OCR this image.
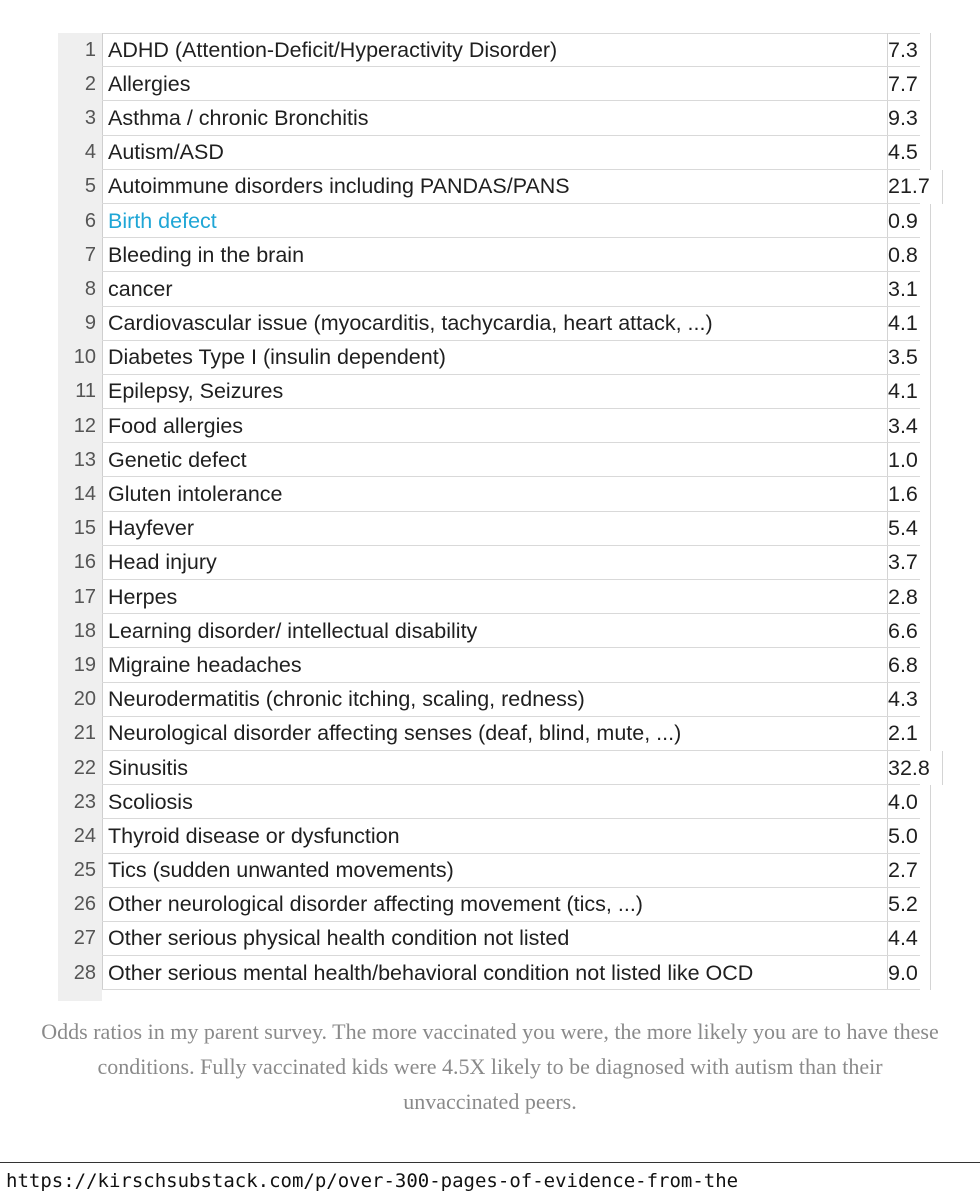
1 ADHD (Attention-Deficit/Hyperactivity Disorder)	7.3
2 Allergies	7.7
3 Asthma / chronic Bronchitis	9.3
4 Autism/ASD	4.5
5 Autoimmune disorders including PANDAS/PANS	21.7
6 Birth defect	0.9
7 Bleeding in the brain	0.8
8 cancer	3.1
9 Cardiovascular issue (myocarditis, tachycardia, heart attack, ...)	4.1
10 Diabetes Type I (insulin dependent)	3.5
11 Epilepsy, Seizures	4.1
12 Food allergies	3.4
13 Genetic defect	1.0
14 Gluten intolerance	1.6
15 Hayfever	5.4
16 Head injury	3.7
17 Herpes	2.8
18 Learning disorder/ intellectual disability	6.6
19 Migraine headaches	6.8
20 Neurodermatitis (chronic itching, scaling, redness)	4.3
21 Neurological disorder affecting senses (deaf, blind, mute, ...)	2.1
22 Sinusitis	32.8
23 Scoliosis	4.0
24 Thyroid disease or dysfunction	5.0
25 Tics (sudden unwanted movements)	2.7
26 Other neurological disorder affecting movement (tics, ...)	5.2
27 Other serious physical health condition not listed	4.4
28 Other serious mental health/behavioral condition not listed like OCD	9.0
Odds ratios in my parent survey. The more vaccinated you were, the more likely you are to have these conditions. Fully vaccinated kids were 4.5X likely to be diagnosed with autism than their unvaccinated peers.
https://kirschsubstack.com/p/over-300-pages-of-evidence-from-the
